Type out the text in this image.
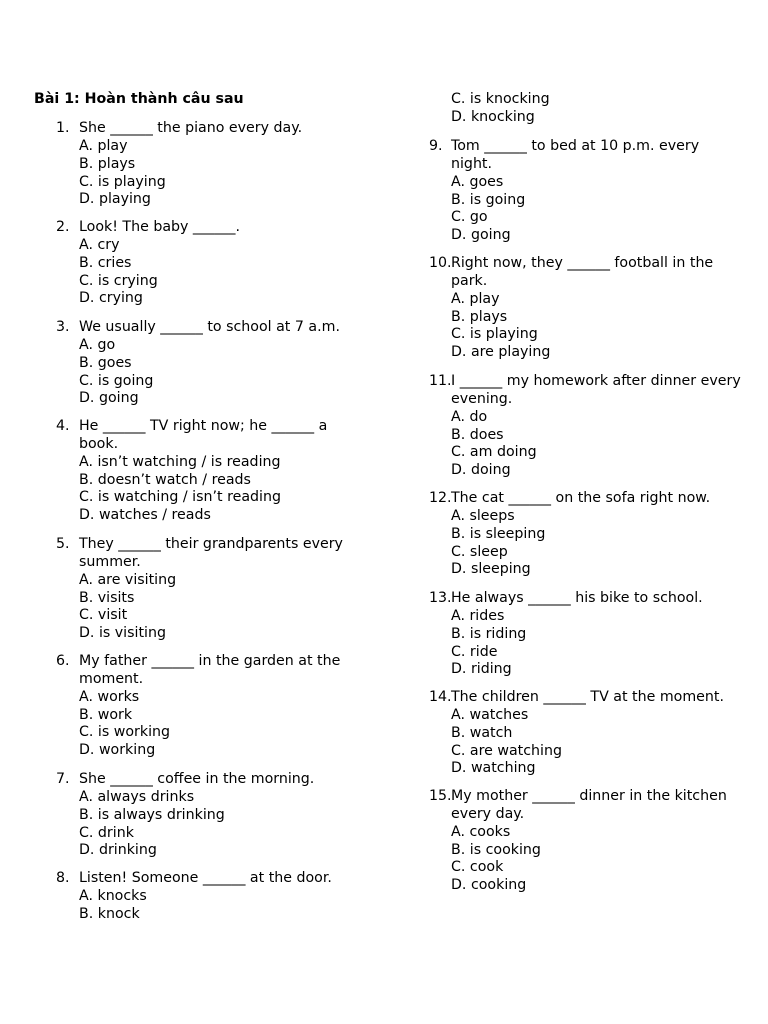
Bài 1: Hoàn thành câu sau
1. She ______ the piano every day.
A. play
B. plays
C. is playing
D. playing
2. Look! The baby ______.
A. cry
B. cries
C. is crying
D. crying
3. We usually ______ to school at 7 a.m.
A. go
B. goes
C. is going
D. going
4. He ______ TV right now; he ______ a
book.
A. isn’t watching / is reading
B. doesn’t watch / reads
C. is watching / isn’t reading
D. watches / reads
5. They ______ their grandparents every
summer.
A. are visiting
B. visits
C. visit
D. is visiting
6. My father ______ in the garden at the
moment.
A. works
B. work
C. is working
D. working
7. She ______ coffee in the morning.
A. always drinks
B. is always drinking
C. drink
D. drinking
8. Listen! Someone ______ at the door.
A. knocks
B. knock
C. is knocking
D. knocking
9. Tom ______ to bed at 10 p.m. every
night.
A. goes
B. is going
C. go
D. going
10. Right now, they ______ football in the
park.
A. play
B. plays
C. is playing
D. are playing
11. I ______ my homework after dinner every
evening.
A. do
B. does
C. am doing
D. doing
12. The cat ______ on the sofa right now.
A. sleeps
B. is sleeping
C. sleep
D. sleeping
13. He always ______ his bike to school.
A. rides
B. is riding
C. ride
D. riding
14. The children ______ TV at the moment.
A. watches
B. watch
C. are watching
D. watching
15. My mother ______ dinner in the kitchen
every day.
A. cooks
B. is cooking
C. cook
D. cooking
